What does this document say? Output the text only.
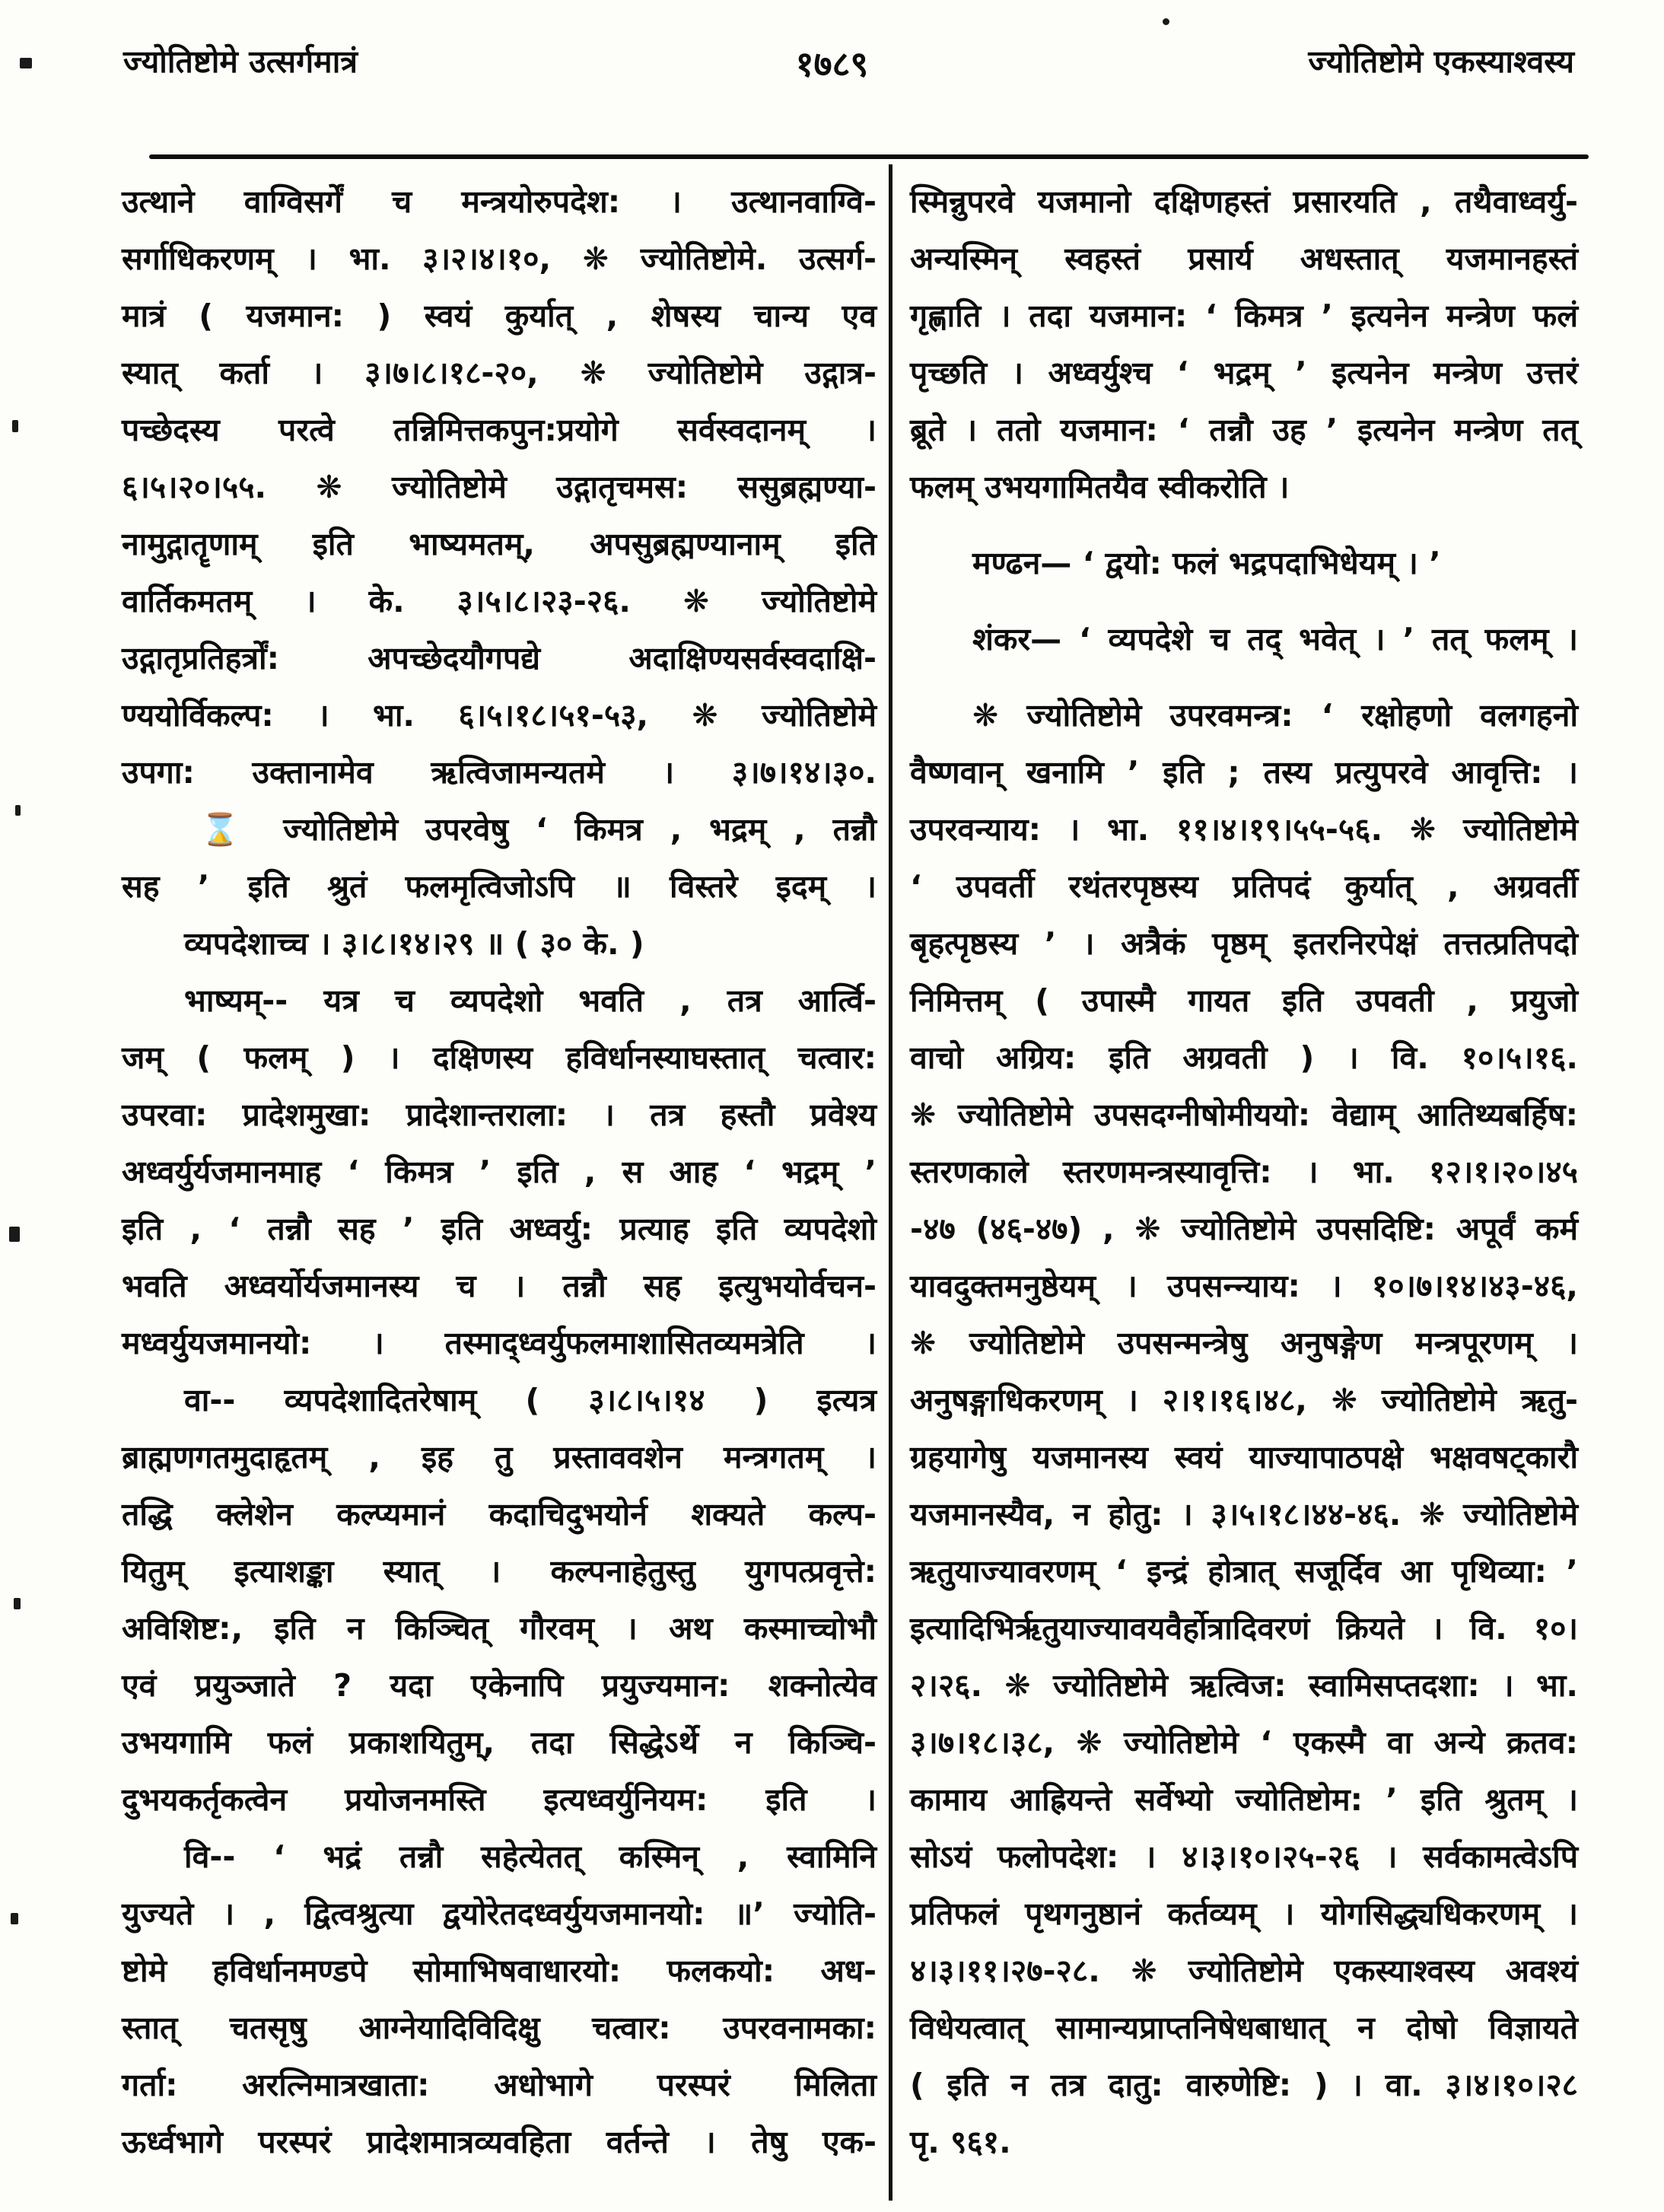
ज्योतिष्टोमे उत्सर्गमात्रं	१७८९	ज्योतिष्टोमे एकस्याश्वस्य
उत्थाने वाग्विसर्गें च मन्त्रयोरुपदेश: । उत्थानवाग्वि-
सर्गाधिकरणम् । भा. ३।२।४।१०, ❋ ज्योतिष्टोमे. उत्सर्ग-
मात्रं ( यजमान: ) स्वयं कुर्यात् , शेषस्य चान्य एव
स्यात् कर्ता । ३।७।८।१८-२०, ❋ ज्योतिष्टोमे उद्गात्र-
पच्छेदस्य परत्वे तन्निमित्तकपुन:प्रयोगे सर्वस्वदानम् ।
६।५।२०।५५. ❋ ज्योतिष्टोमे उद्गातृचमस: ससुब्रह्मण्या-
नामुद्गातॄणाम् इति भाष्यमतम्, अपसुब्रह्मण्यानाम् इति
वार्तिकमतम् । के. ३।५।८।२३-२६. ❋ ज्योतिष्टोमे
उद्गातृप्रतिहर्त्रों: अपच्छेदयौगपद्ये अदाक्षिण्यसर्वस्वदाक्षि-
ण्ययोर्विकल्प: । भा. ६।५।१८।५१-५३, ❋ ज्योतिष्टोमे
उपगा: उक्तानामेव ऋत्विजामन्यतमे । ३।७।१४।३०.
  ⌛ ज्योतिष्टोमे उपरवेषु ‘ किमत्र , भद्रम् , तन्नौ
सह ’ इति श्रुतं फलमृत्विजोऽपि ॥ विस्तरे इदम् ।
  व्यपदेशाच्च । ३।८।१४।२९ ॥ ( ३० के. )
  भाष्यम्-- यत्र च व्यपदेशो भवति , तत्र आर्त्वि-
जम् ( फलम् ) । दक्षिणस्य हविर्धानस्याघस्तात् चत्वार:
उपरवा: प्रादेशमुखा: प्रादेशान्तराला: । तत्र हस्तौ प्रवेश्य
अध्वर्युर्यजमानमाह ‘ किमत्र ’ इति , स आह ‘ भद्रम् ’
इति , ‘ तन्नौ सह ’ इति अध्वर्यु: प्रत्याह इति व्यपदेशो
भवति अध्वर्योर्यजमानस्य च । तन्नौ सह इत्युभयोर्वचन-
मध्वर्युयजमानयो: । तस्माद्ध्वर्युफलमाशासितव्यमत्रेति ।
  वा-- व्यपदेशादितरेषाम् ( ३।८।५।१४ ) इत्यत्र
ब्राह्मणगतमुदाहृतम् , इह तु प्रस्ताववशेन मन्त्रगतम् ।
तद्धि क्लेशेन कल्प्यमानं कदाचिदुभयोर्न शक्यते कल्प-
यितुम् इत्याशङ्का स्यात् । कल्पनाहेतुस्तु युगपत्प्रवृत्ते:
अविशिष्ट:, इति न किञ्चित् गौरवम् । अथ कस्माच्चोभौ
एवं प्रयुञ्जाते ? यदा एकेनापि प्रयुज्यमान: शक्नोत्येव
उभयगामि फलं प्रकाशयितुम्, तदा सिद्धेऽर्थे न किञ्चि-
दुभयकर्तृकत्वेन प्रयोजनमस्ति इत्यध्वर्युनियम: इति ।
  वि-- ‘ भद्रं तन्नौ सहेत्येतत् कस्मिन् , स्वामिनि
युज्यते । , द्वित्वश्रुत्या द्वयोरेतदध्वर्युयजमानयो: ॥’ ज्योति-
ष्टोमे हविर्धानमण्डपे सोमाभिषवाधारयो: फलकयो: अध-
स्तात् चतसृषु आग्नेयादिविदिक्षु चत्वार: उपरवनामका:
गर्ता: अरत्निमात्रखाता: अधोभागे परस्परं मिलिता
ऊर्ध्वभागे परस्परं प्रादेशमात्रव्यवहिता वर्तन्ते । तेषु एक-
स्मिन्नुपरवे यजमानो दक्षिणहस्तं प्रसारयति , तथैवाध्वर्यु-
अन्यस्मिन् स्वहस्तं प्रसार्य अधस्तात् यजमानहस्तं
गृह्णाति । तदा यजमान: ‘ किमत्र ’ इत्यनेन मन्त्रेण फलं
पृच्छति । अध्वर्युश्च ‘ भद्रम् ’ इत्यनेन मन्त्रेण उत्तरं
ब्रूते । ततो यजमान: ‘ तन्नौ उह ’ इत्यनेन मन्त्रेण तत्
फलम् उभयगामितयैव स्वीकरोति ।
  मण्ढन— ‘ द्वयो: फलं भद्रपदाभिधेयम् । ’
  शंकर— ‘ व्यपदेशे च तद् भवेत् । ’ तत् फलम् ।
  ❋ ज्योतिष्टोमे उपरवमन्त्र: ‘ रक्षोहणो वलगहनो
वैष्णवान् खनामि ’ इति ; तस्य प्रत्युपरवे आवृत्ति: ।
उपरवन्याय: । भा. ११।४।१९।५५-५६. ❋ ज्योतिष्टोमे
‘ उपवर्ती रथंतरपृष्ठस्य प्रतिपदं कुर्यात् , अग्रवर्ती
बृहत्पृष्ठस्य ’ । अत्रैकं पृष्ठम् इतरनिरपेक्षं तत्तत्प्रतिपदो
निमित्तम् ( उपास्मै गायत इति उपवती , प्रयुजो
वाचो अग्रिय: इति अग्रवती ) । वि. १०।५।१६.
❋ ज्योतिष्टोमे उपसदग्नीषोमीययो: वेद्याम् आतिथ्यबर्हिष:
स्तरणकाले स्तरणमन्त्रस्यावृत्ति: । भा. १२।१।२०।४५
-४७ (४६-४७) , ❋ ज्योतिष्टोमे उपसदिष्टि: अपूर्वं कर्म
यावदुक्तमनुष्ठेयम् । उपसन्न्याय: । १०।७।१४।४३-४६,
❋ ज्योतिष्टोमे उपसन्मन्त्रेषु अनुषङ्गेण मन्त्रपूरणम् ।
अनुषङ्गाधिकरणम् । २।१।१६।४८, ❋ ज्योतिष्टोमे ऋतु-
ग्रहयागेषु यजमानस्य स्वयं याज्यापाठपक्षे भक्षवषट्कारौ
यजमानस्यैव, न होतु: । ३।५।१८।४४-४६. ❋ ज्योतिष्टोमे
ऋतुयाज्यावरणम् ‘ इन्द्रं होत्रात् सजूर्दिव आ पृथिव्या: ’
इत्यादिभिर्ऋतुयाज्यावयवैर्होत्रादिवरणं क्रियते । वि. १०।
२।२६. ❋ ज्योतिष्टोमे ऋत्विज: स्वामिसप्तदशा: । भा.
३।७।१८।३८, ❋ ज्योतिष्टोमे ‘ एकस्मै वा अन्ये क्रतव:
कामाय आह्रियन्ते सर्वेभ्यो ज्योतिष्टोम: ’ इति श्रुतम् ।
सोऽयं फलोपदेश: । ४।३।१०।२५-२६ । सर्वकामत्वेऽपि
प्रतिफलं पृथगनुष्ठानं कर्तव्यम् । योगसिद्ध्यधिकरणम् ।
४।३।११।२७-२८. ❋ ज्योतिष्टोमे एकस्याश्वस्य अवश्यं
विधेयत्वात् सामान्यप्राप्तनिषेधबाधात् न दोषो विज्ञायते
( इति न तत्र दातु: वारुणेष्टि: ) । वा. ३।४।१०।२८
पृ. ९६१.
